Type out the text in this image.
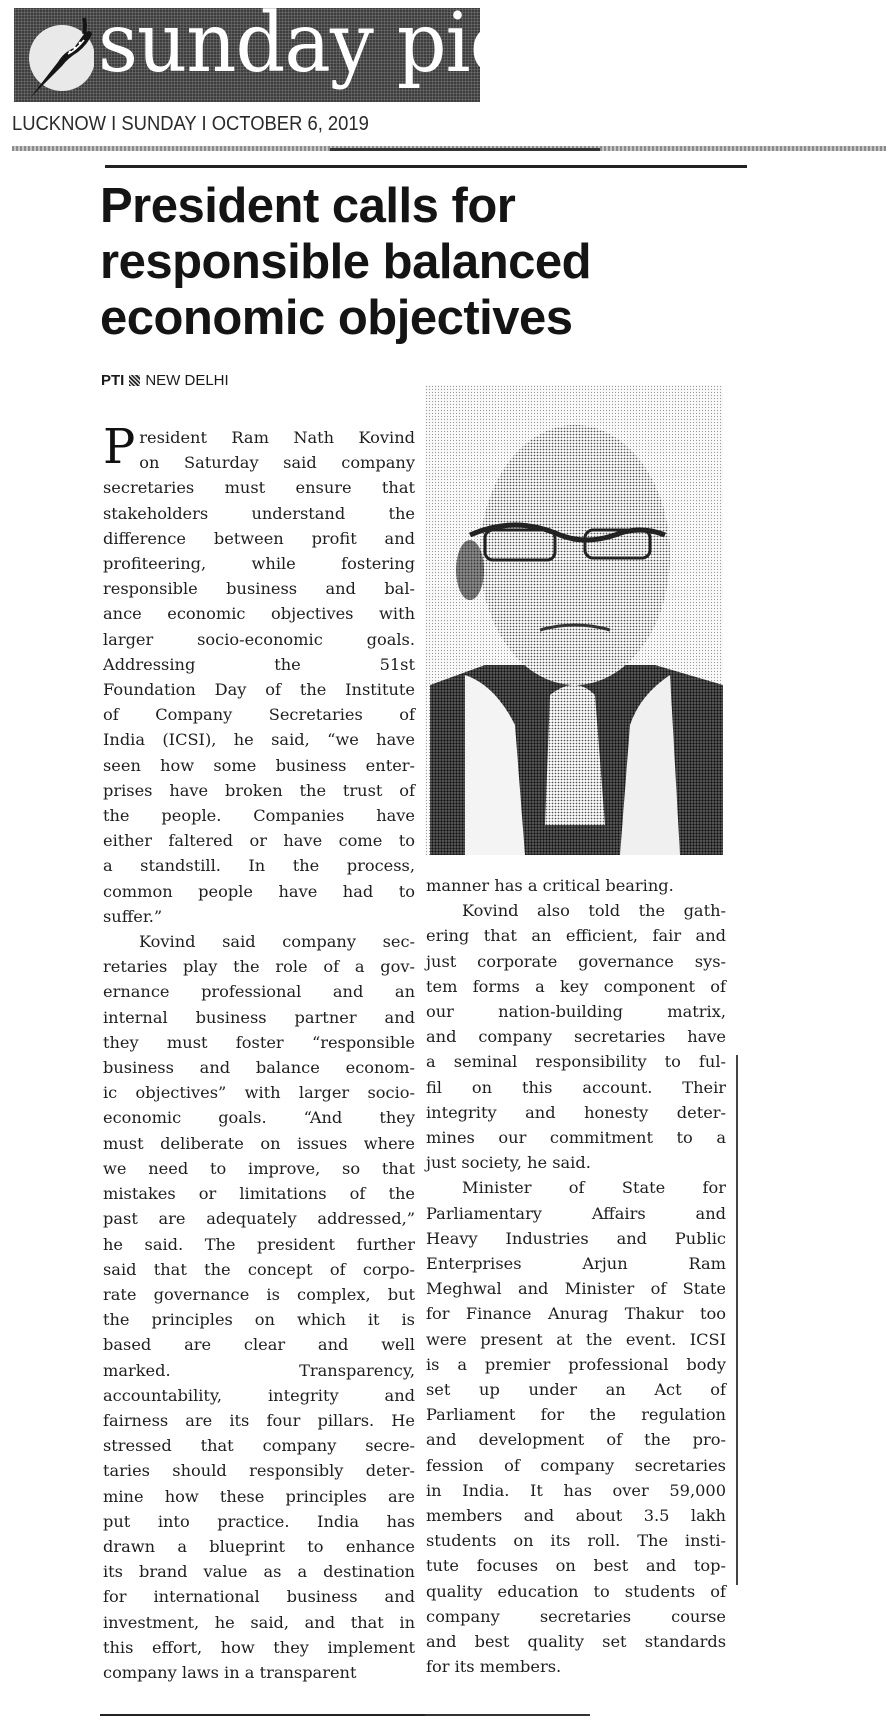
sunday pioneer
LUCKNOW I SUNDAY I OCTOBER 6, 2019
President calls for
responsible balanced
economic objectives
PTI NEW DELHI

P resident Ram Nath Kovind
on Saturday said company
secretaries must ensure that
stakeholders understand the
difference between profit and
profiteering, while fostering
responsible business and bal-
ance economic objectives with
larger socio-economic goals.
Addressing the 51st
Foundation Day of the Institute
of Company Secretaries of
India (ICSI), he said, “we have
seen how some business enter-
prises have broken the trust of
the people. Companies have
either faltered or have come to
a standstill. In the process,
common people have had to
suffer.”

Kovind said company sec-
retaries play the role of a gov-
ernance professional and an
internal business partner and
they must foster “responsible
business and balance econom-
ic objectives” with larger socio-
economic goals. “And they
must deliberate on issues where
we need to improve, so that
mistakes or limitations of the
past are adequately addressed,”
he said. The president further
said that the concept of corpo-
rate governance is complex, but
the principles on which it is
based are clear and well
marked. Transparency,
accountability, integrity and
fairness are its four pillars. He
stressed that company secre-
taries should responsibly deter-
mine how these principles are
put into practice. India has
drawn a blueprint to enhance
its brand value as a destination
for international business and
investment, he said, and that in
this effort, how they implement
company laws in a transparent

manner has a critical bearing.

Kovind also told the gath-
ering that an efficient, fair and
just corporate governance sys-
tem forms a key component of
our nation-building matrix,
and company secretaries have
a seminal responsibility to ful-
fil on this account. Their
integrity and honesty deter-
mines our commitment to a
just society, he said.

Minister of State for
Parliamentary Affairs and
Heavy Industries and Public
Enterprises Arjun Ram
Meghwal and Minister of State
for Finance Anurag Thakur too
were present at the event. ICSI
is a premier professional body
set up under an Act of
Parliament for the regulation
and development of the pro-
fession of company secretaries
in India. It has over 59,000
members and about 3.5 lakh
students on its roll. The insti-
tute focuses on best and top-
quality education to students of
company secretaries course
and best quality set standards
for its members.
